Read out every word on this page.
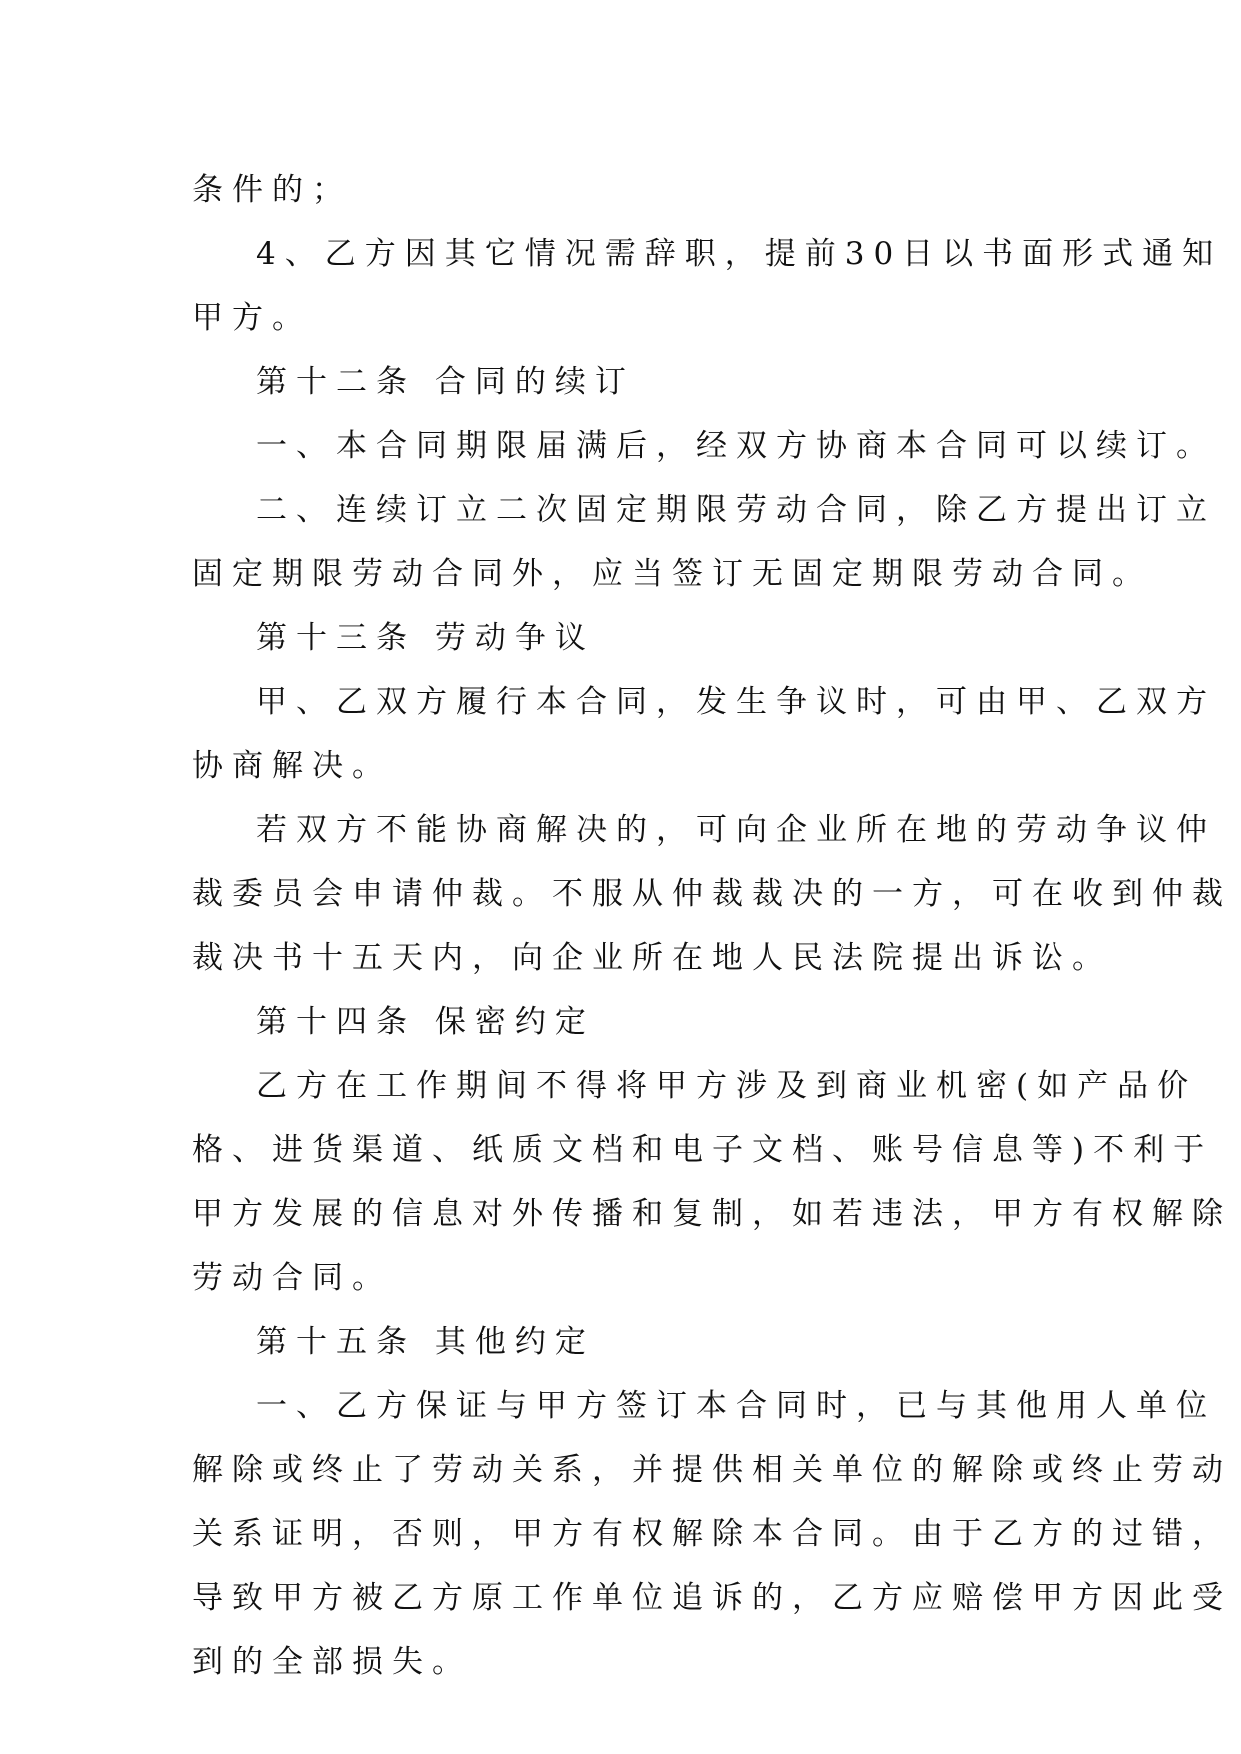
条件的；
4、乙方因其它情况需辞职，提前30日以书面形式通知
甲方。
第十二条 合同的续订
一、本合同期限届满后，经双方协商本合同可以续订。
二、连续订立二次固定期限劳动合同，除乙方提出订立
固定期限劳动合同外，应当签订无固定期限劳动合同。
第十三条 劳动争议
甲、乙双方履行本合同，发生争议时，可由甲、乙双方
协商解决。
若双方不能协商解决的，可向企业所在地的劳动争议仲
裁委员会申请仲裁。不服从仲裁裁决的一方，可在收到仲裁
裁决书十五天内，向企业所在地人民法院提出诉讼。
第十四条 保密约定
乙方在工作期间不得将甲方涉及到商业机密(如产品价
格、进货渠道、纸质文档和电子文档、账号信息等)不利于
甲方发展的信息对外传播和复制，如若违法，甲方有权解除
劳动合同。
第十五条 其他约定
一、乙方保证与甲方签订本合同时，已与其他用人单位
解除或终止了劳动关系，并提供相关单位的解除或终止劳动
关系证明，否则，甲方有权解除本合同。由于乙方的过错，
导致甲方被乙方原工作单位追诉的，乙方应赔偿甲方因此受
到的全部损失。
